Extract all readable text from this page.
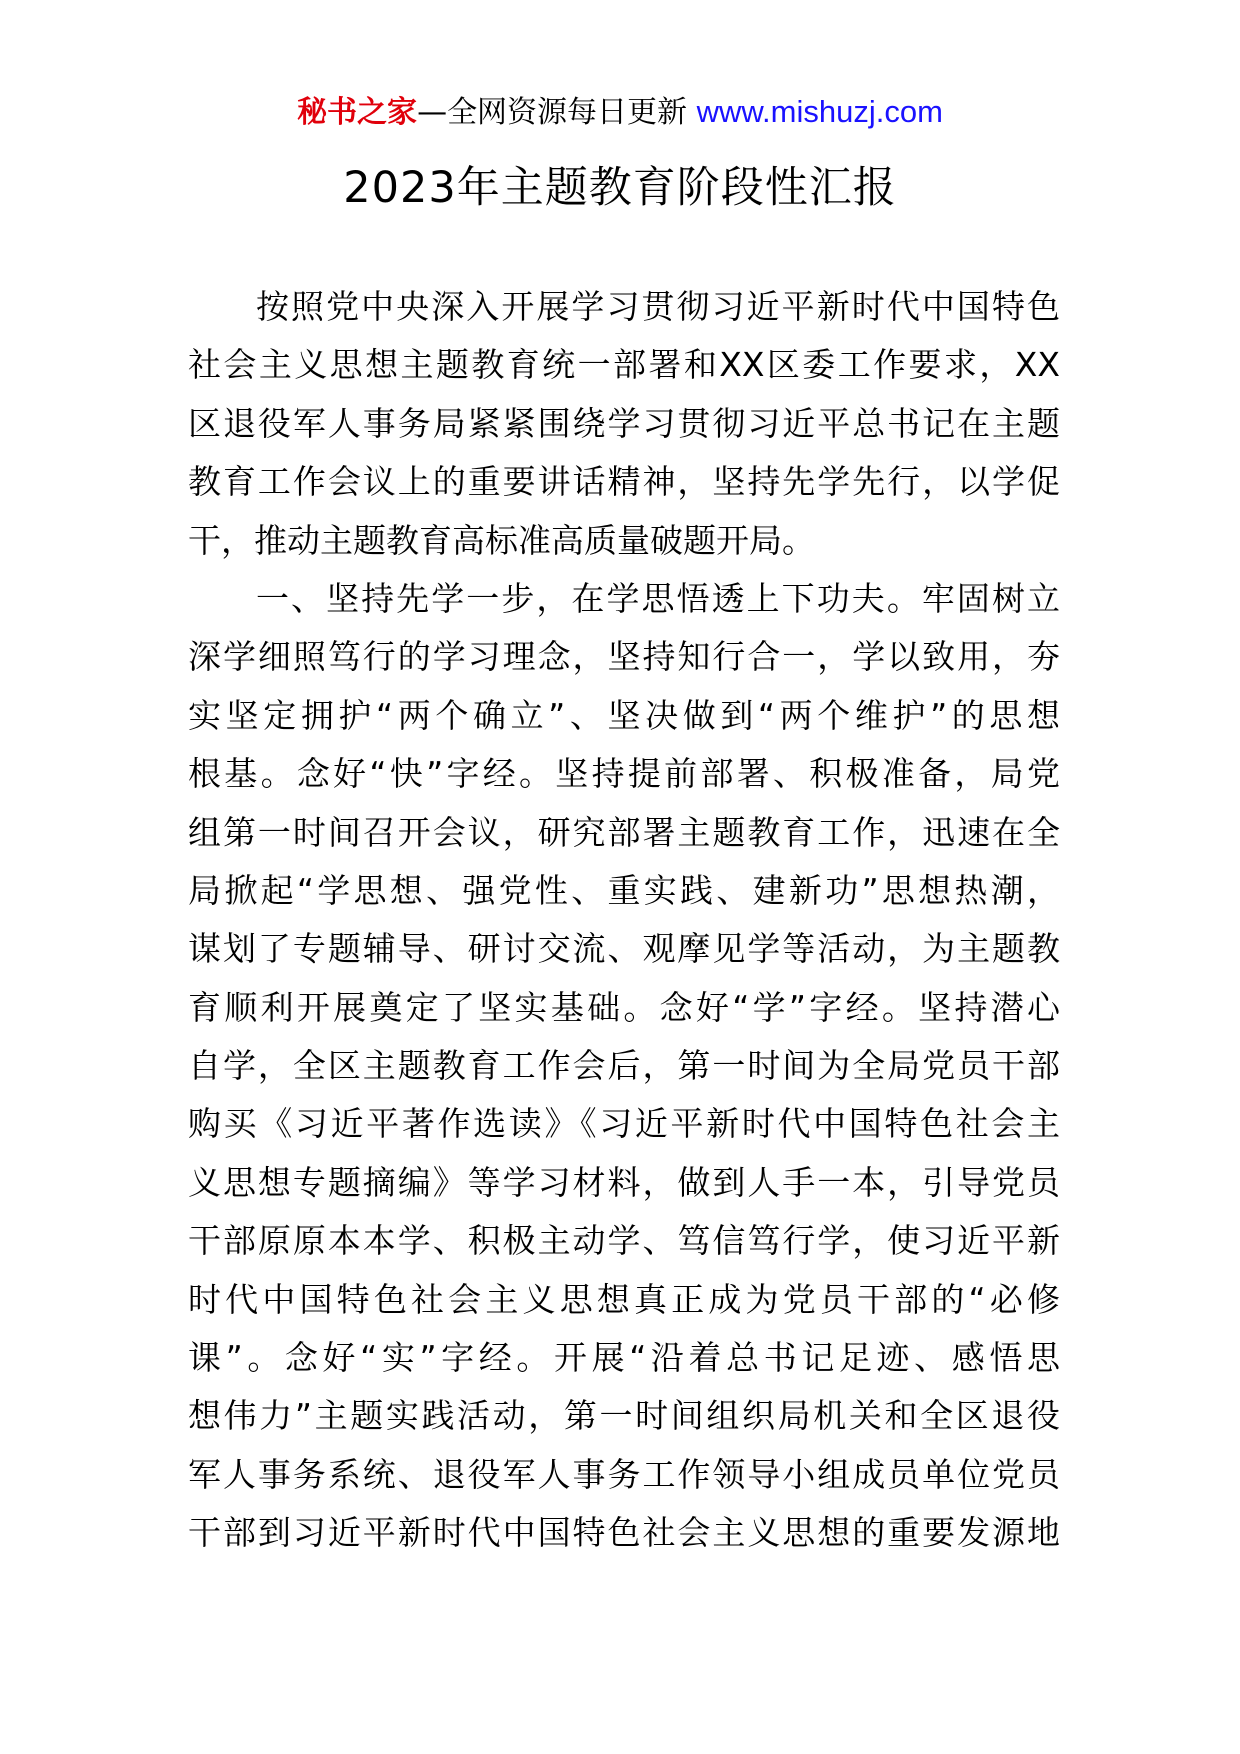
秘书之家—全网资源每日更新 www.mishuzj.com
2023年主题教育阶段性汇报
按照党中央深入开展学习贯彻习近平新时代中国特色
社会主义思想主题教育统一部署和XX区委工作要求，XX
区退役军人事务局紧紧围绕学习贯彻习近平总书记在主题
教育工作会议上的重要讲话精神，坚持先学先行，以学促
干，推动主题教育高标准高质量破题开局。
一、坚持先学一步，在学思悟透上下功夫。牢固树立
深学细照笃行的学习理念，坚持知行合一，学以致用，夯
实坚定拥护“两个确立”、坚决做到“两个维护”的思想
根基。念好“快”字经。坚持提前部署、积极准备，局党
组第一时间召开会议，研究部署主题教育工作，迅速在全
局掀起“学思想、强党性、重实践、建新功”思想热潮，
谋划了专题辅导、研讨交流、观摩见学等活动，为主题教
育顺利开展奠定了坚实基础。念好“学”字经。坚持潜心
自学，全区主题教育工作会后，第一时间为全局党员干部
购买《习近平著作选读》《习近平新时代中国特色社会主
义思想专题摘编》等学习材料，做到人手一本，引导党员
干部原原本本学、积极主动学、笃信笃行学，使习近平新
时代中国特色社会主义思想真正成为党员干部的“必修
课”。念好“实”字经。开展“沿着总书记足迹、感悟思
想伟力”主题实践活动，第一时间组织局机关和全区退役
军人事务系统、退役军人事务工作领导小组成员单位党员
干部到习近平新时代中国特色社会主义思想的重要发源地
